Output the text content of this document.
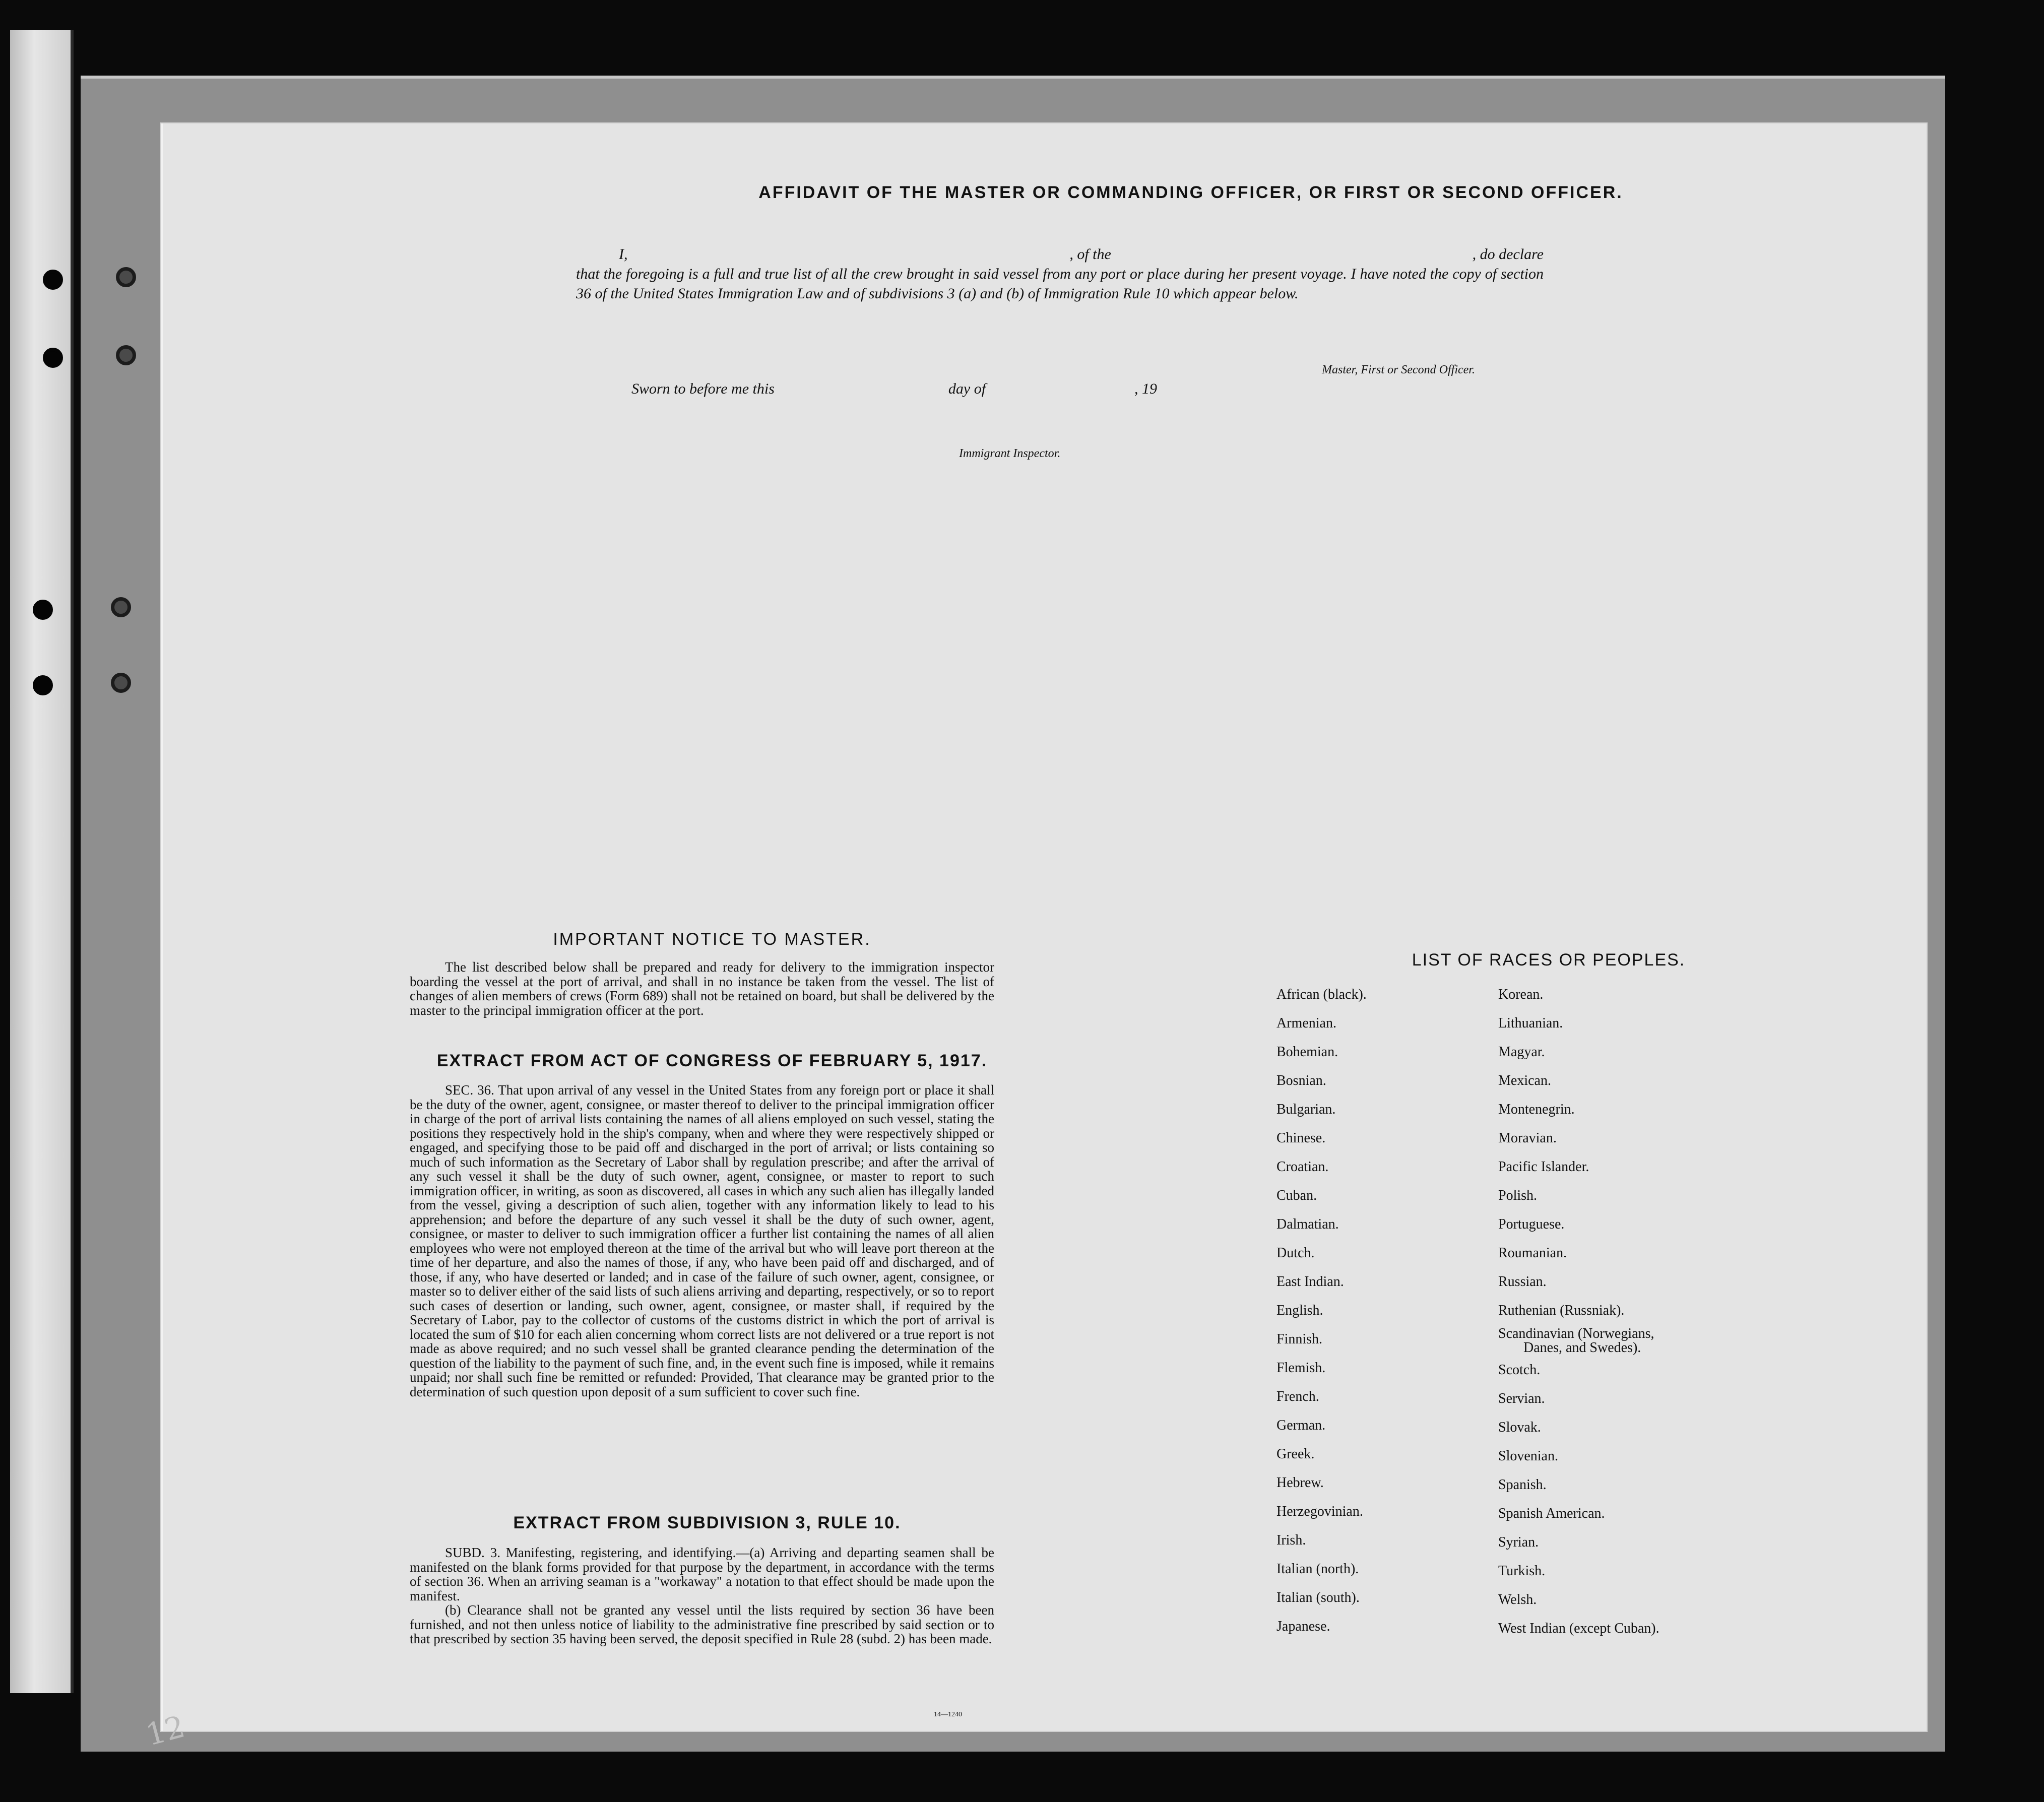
AFFIDAVIT OF THE MASTER OR COMMANDING OFFICER, OR FIRST OR SECOND OFFICER.
I,	, of the	, do declare
that the foregoing is a full and true list of all the crew brought in said vessel from any port or place during her present voyage. I have noted the copy of section 36 of the United States Immigration Law and of subdivisions 3 (a) and (b) of Immigration Rule 10 which appear below.
Master, First or Second Officer.
Sworn to before me this	day of	, 19
Immigrant Inspector.
IMPORTANT NOTICE TO MASTER.
The list described below shall be prepared and ready for delivery to the immigration inspector boarding the vessel at the port of arrival, and shall in no instance be taken from the vessel. The list of changes of alien members of crews (Form 689) shall not be retained on board, but shall be delivered by the master to the principal immigration officer at the port.
EXTRACT FROM ACT OF CONGRESS OF FEBRUARY 5, 1917.
SEC. 36. That upon arrival of any vessel in the United States from any foreign port or place it shall be the duty of the owner, agent, consignee, or master thereof to deliver to the principal immigration officer in charge of the port of arrival lists containing the names of all aliens employed on such vessel, stating the positions they respectively hold in the ship's company, when and where they were respectively shipped or engaged, and specifying those to be paid off and discharged in the port of arrival; or lists containing so much of such information as the Secretary of Labor shall by regulation prescribe; and after the arrival of any such vessel it shall be the duty of such owner, agent, consignee, or master to report to such immigration officer, in writing, as soon as discovered, all cases in which any such alien has illegally landed from the vessel, giving a description of such alien, together with any information likely to lead to his apprehension; and before the departure of any such vessel it shall be the duty of such owner, agent, consignee, or master to deliver to such immigration officer a further list containing the names of all alien employees who were not employed thereon at the time of the arrival but who will leave port thereon at the time of her departure, and also the names of those, if any, who have been paid off and discharged, and of those, if any, who have deserted or landed; and in case of the failure of such owner, agent, consignee, or master so to deliver either of the said lists of such aliens arriving and departing, respectively, or so to report such cases of desertion or landing, such owner, agent, consignee, or master shall, if required by the Secretary of Labor, pay to the collector of customs of the customs district in which the port of arrival is located the sum of $10 for each alien concerning whom correct lists are not delivered or a true report is not made as above required; and no such vessel shall be granted clearance pending the determination of the question of the liability to the payment of such fine, and, in the event such fine is imposed, while it remains unpaid; nor shall such fine be remitted or refunded: Provided, That clearance may be granted prior to the determination of such question upon deposit of a sum sufficient to cover such fine.
EXTRACT FROM SUBDIVISION 3, RULE 10.
SUBD. 3. Manifesting, registering, and identifying.—(a) Arriving and departing seamen shall be manifested on the blank forms provided for that purpose by the department, in accordance with the terms of section 36. When an arriving seaman is a "workaway" a notation to that effect should be made upon the manifest.
(b) Clearance shall not be granted any vessel until the lists required by section 36 have been furnished, and not then unless notice of liability to the administrative fine prescribed by said section or to that prescribed by section 35 having been served, the deposit specified in Rule 28 (subd. 2) has been made.
14—1240
LIST OF RACES OR PEOPLES.
African (black).
Armenian.
Bohemian.
Bosnian.
Bulgarian.
Chinese.
Croatian.
Cuban.
Dalmatian.
Dutch.
East Indian.
English.
Finnish.
Flemish.
French.
German.
Greek.
Hebrew.
Herzegovinian.
Irish.
Italian (north).
Italian (south).
Japanese.
Korean.
Lithuanian.
Magyar.
Mexican.
Montenegrin.
Moravian.
Pacific Islander.
Polish.
Portuguese.
Roumanian.
Russian.
Ruthenian (Russniak).
Scandinavian (Norwegians,
Danes, and Swedes).
Scotch.
Servian.
Slovak.
Slovenian.
Spanish.
Spanish American.
Syrian.
Turkish.
Welsh.
West Indian (except Cuban).
12
